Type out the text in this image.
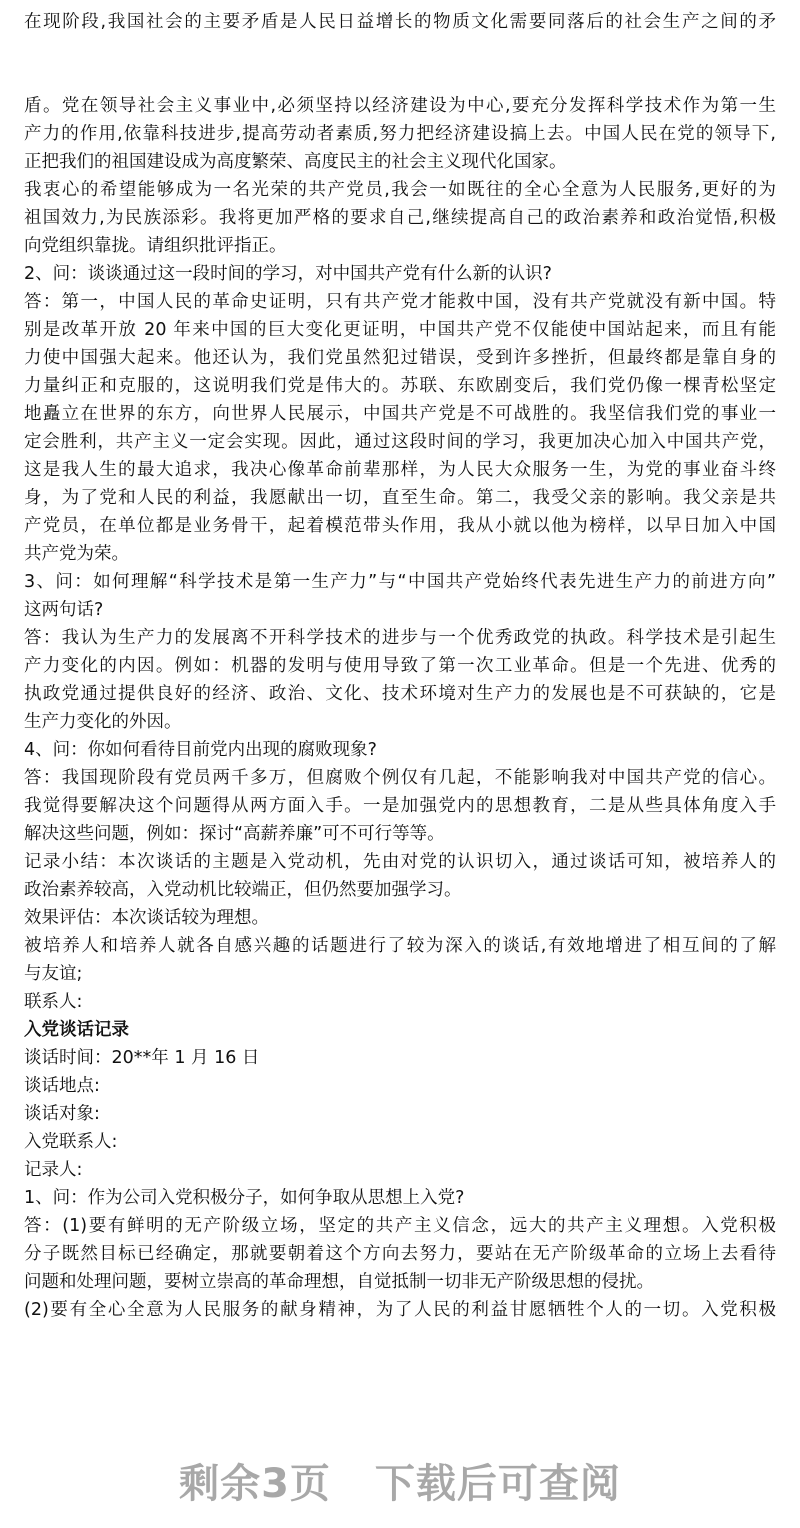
在现阶段,我国社会的主要矛盾是人民日益增长的物质文化需要同落后的社会生产之间的矛
盾。党在领导社会主义事业中,必须坚持以经济建设为中心,要充分发挥科学技术作为第一生
产力的作用,依靠科技进步,提高劳动者素质,努力把经济建设搞上去。中国人民在党的领导下,
正把我们的祖国建设成为高度繁荣、高度民主的社会主义现代化国家。
我衷心的希望能够成为一名光荣的共产党员,我会一如既往的全心全意为人民服务,更好的为
祖国效力,为民族添彩。我将更加严格的要求自己,继续提高自己的政治素养和政治觉悟,积极
向党组织靠拢。请组织批评指正。
2、问：谈谈通过这一段时间的学习，对中国共产党有什么新的认识?
答：第一，中国人民的革命史证明，只有共产党才能救中国，没有共产党就没有新中国。特
别是改革开放 20 年来中国的巨大变化更证明，中国共产党不仅能使中国站起来，而且有能
力使中国强大起来。他还认为，我们党虽然犯过错误，受到许多挫折，但最终都是靠自身的
力量纠正和克服的，这说明我们党是伟大的。苏联、东欧剧变后，我们党仍像一棵青松坚定
地矗立在世界的东方，向世界人民展示，中国共产党是不可战胜的。我坚信我们党的事业一
定会胜利，共产主义一定会实现。因此，通过这段时间的学习，我更加决心加入中国共产党，
这是我人生的最大追求，我决心像革命前辈那样，为人民大众服务一生，为党的事业奋斗终
身，为了党和人民的利益，我愿献出一切，直至生命。第二，我受父亲的影响。我父亲是共
产党员，在单位都是业务骨干，起着模范带头作用，我从小就以他为榜样，以早日加入中国
共产党为荣。
3、问：如何理解“科学技术是第一生产力”与“中国共产党始终代表先进生产力的前进方向”
这两句话?
答：我认为生产力的发展离不开科学技术的进步与一个优秀政党的执政。科学技术是引起生
产力变化的内因。例如：机器的发明与使用导致了第一次工业革命。但是一个先进、优秀的
执政党通过提供良好的经济、政治、文化、技术环境对生产力的发展也是不可获缺的，它是
生产力变化的外因。
4、问：你如何看待目前党内出现的腐败现象?
答：我国现阶段有党员两千多万，但腐败个例仅有几起，不能影响我对中国共产党的信心。
我觉得要解决这个问题得从两方面入手。一是加强党内的思想教育，二是从些具体角度入手
解决这些问题，例如：探讨“高薪养廉”可不可行等等。
记录小结：本次谈话的主题是入党动机，先由对党的认识切入，通过谈话可知，被培养人的
政治素养较高，入党动机比较端正，但仍然要加强学习。
效果评估：本次谈话较为理想。
被培养人和培养人就各自感兴趣的话题进行了较为深入的谈话,有效地增进了相互间的了解
与友谊;
联系人:
入党谈话记录
谈话时间：20**年 1 月 16 日
谈话地点:
谈话对象:
入党联系人:
记录人:
1、问：作为公司入党积极分子，如何争取从思想上入党?
答：(1)要有鲜明的无产阶级立场，坚定的共产主义信念，远大的共产主义理想。入党积极
分子既然目标已经确定，那就要朝着这个方向去努力，要站在无产阶级革命的立场上去看待
问题和处理问题，要树立崇高的革命理想，自觉抵制一切非无产阶级思想的侵扰。
(2)要有全心全意为人民服务的献身精神，为了人民的利益甘愿牺牲个人的一切。入党积极
剩余3页 下载后可查阅
